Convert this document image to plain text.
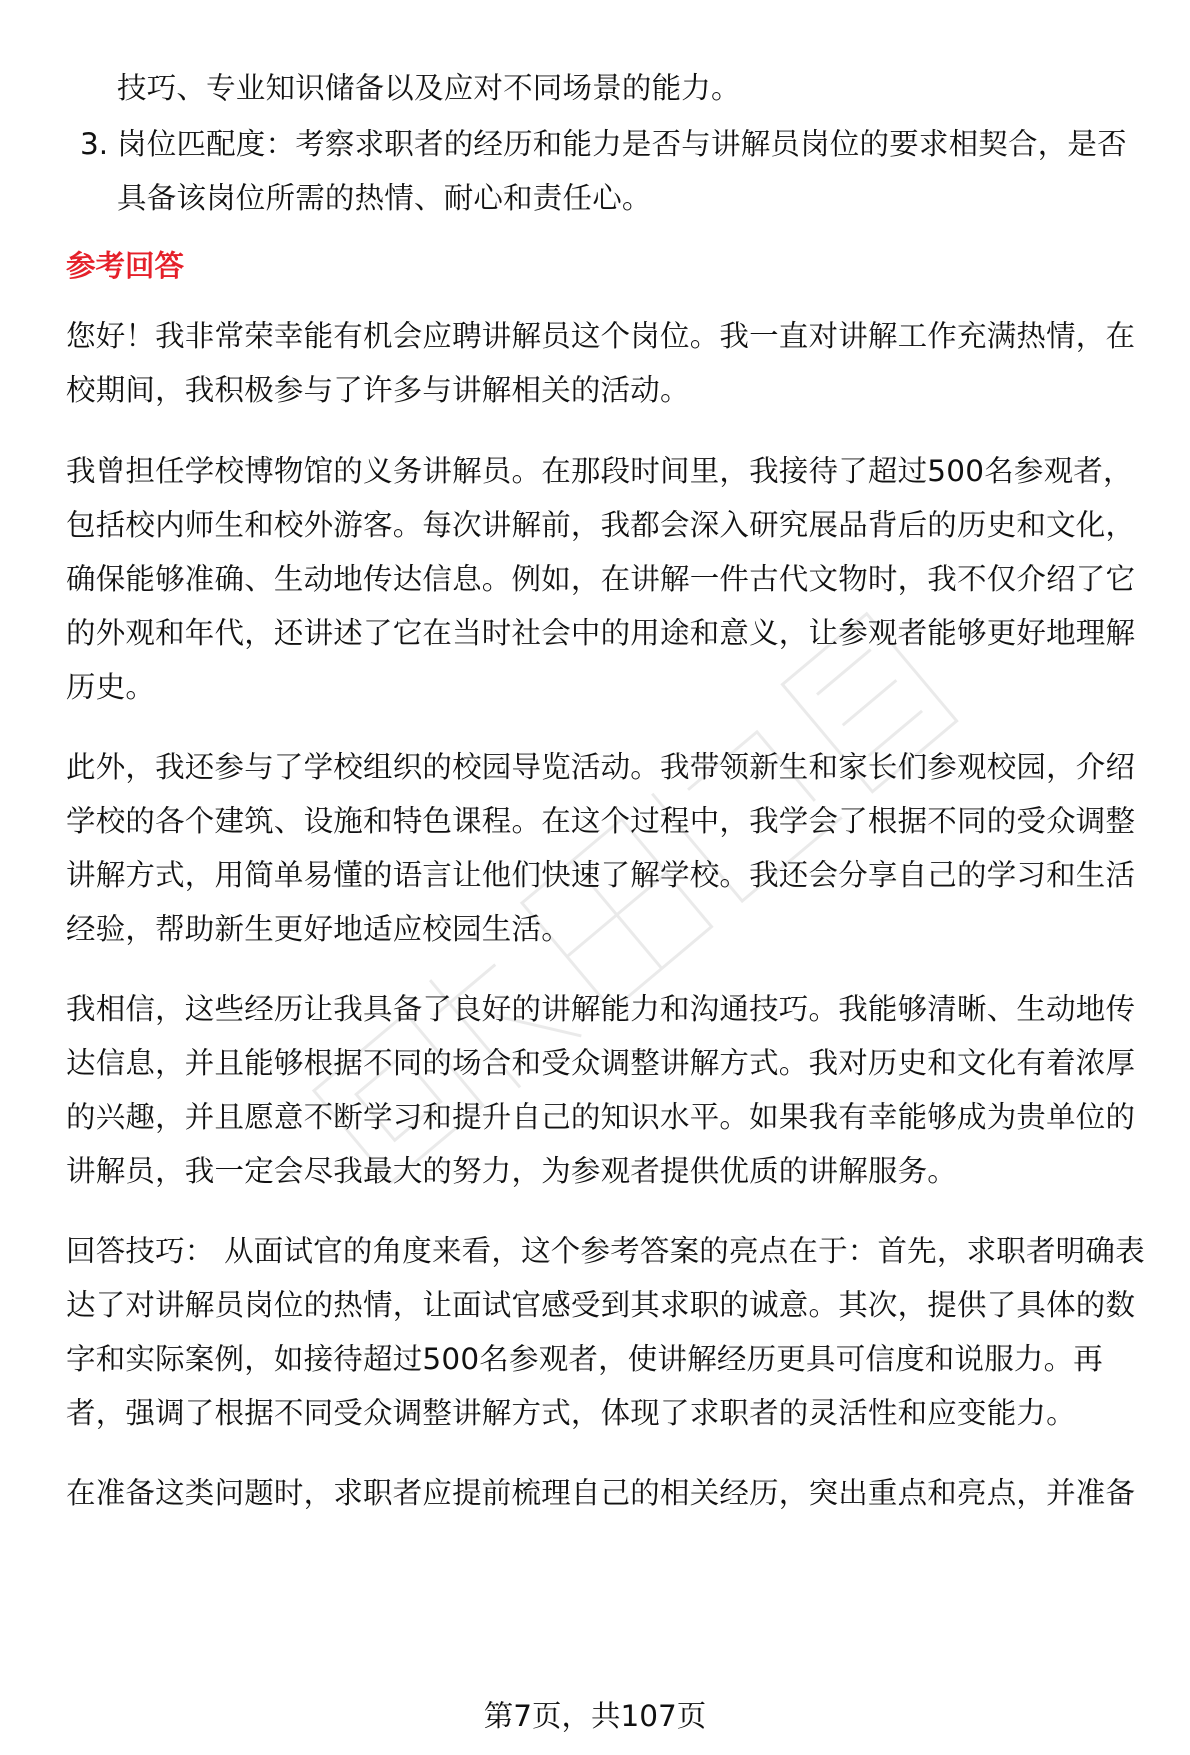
技巧、专业知识储备以及应对不同场景的能力。
3. 岗位匹配度：考察求职者的经历和能力是否与讲解员岗位的要求相契合，是否
具备该岗位所需的热情、耐心和责任心。
参考回答
您好！我非常荣幸能有机会应聘讲解员这个岗位。我一直对讲解工作充满热情，在
校期间，我积极参与了许多与讲解相关的活动。
我曾担任学校博物馆的义务讲解员。在那段时间里，我接待了超过500名参观者，
包括校内师生和校外游客。每次讲解前，我都会深入研究展品背后的历史和文化，
确保能够准确、生动地传达信息。例如，在讲解一件古代文物时，我不仅介绍了它
的外观和年代，还讲述了它在当时社会中的用途和意义，让参观者能够更好地理解
历史。
此外，我还参与了学校组织的校园导览活动。我带领新生和家长们参观校园，介绍
学校的各个建筑、设施和特色课程。在这个过程中，我学会了根据不同的受众调整
讲解方式，用简单易懂的语言让他们快速了解学校。我还会分享自己的学习和生活
经验，帮助新生更好地适应校园生活。
我相信，这些经历让我具备了良好的讲解能力和沟通技巧。我能够清晰、生动地传
达信息，并且能够根据不同的场合和受众调整讲解方式。我对历史和文化有着浓厚
的兴趣，并且愿意不断学习和提升自己的知识水平。如果我有幸能够成为贵单位的
讲解员，我一定会尽我最大的努力，为参观者提供优质的讲解服务。
回答技巧： 从面试官的角度来看，这个参考答案的亮点在于：首先，求职者明确表
达了对讲解员岗位的热情，让面试官感受到其求职的诚意。其次，提供了具体的数
字和实际案例，如接待超过500名参观者，使讲解经历更具可信度和说服力。再
者，强调了根据不同受众调整讲解方式，体现了求职者的灵活性和应变能力。
在准备这类问题时，求职者应提前梳理自己的相关经历，突出重点和亮点，并准备
第7页，共107页
